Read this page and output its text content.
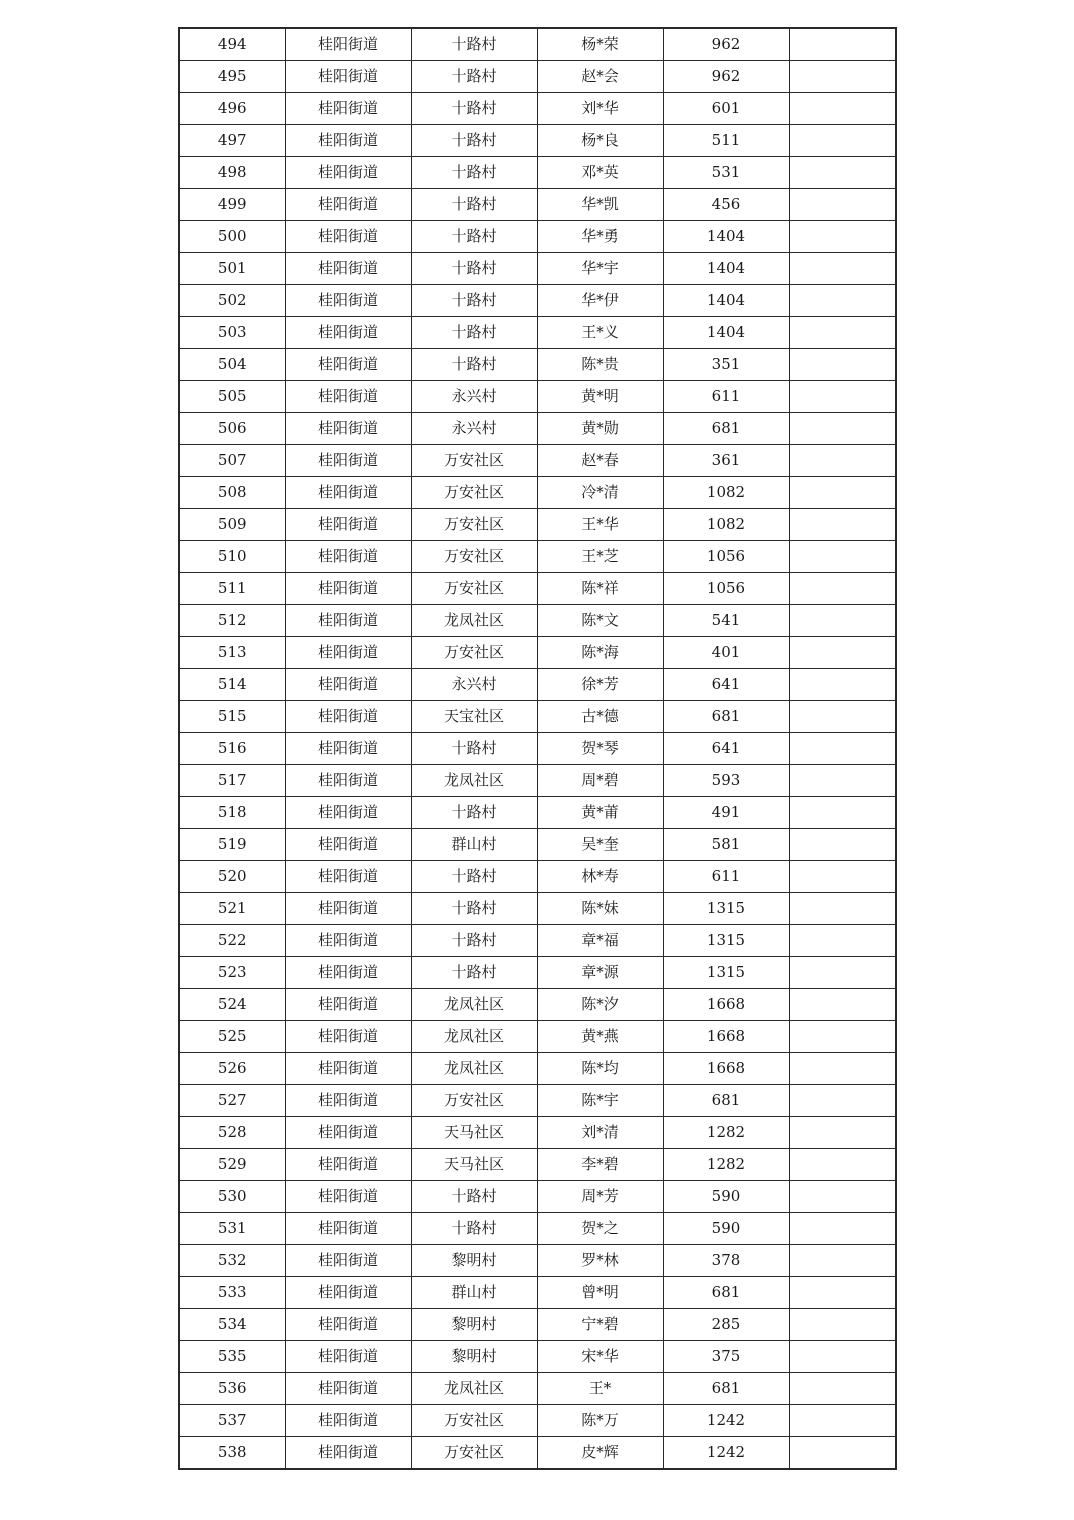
494	桂阳街道	十路村	杨*荣	962	
495	桂阳街道	十路村	赵*会	962	
496	桂阳街道	十路村	刘*华	601	
497	桂阳街道	十路村	杨*良	511	
498	桂阳街道	十路村	邓*英	531	
499	桂阳街道	十路村	华*凯	456	
500	桂阳街道	十路村	华*勇	1404	
501	桂阳街道	十路村	华*宇	1404	
502	桂阳街道	十路村	华*伊	1404	
503	桂阳街道	十路村	王*义	1404	
504	桂阳街道	十路村	陈*贵	351	
505	桂阳街道	永兴村	黄*明	611	
506	桂阳街道	永兴村	黄*勋	681	
507	桂阳街道	万安社区	赵*春	361	
508	桂阳街道	万安社区	冷*清	1082	
509	桂阳街道	万安社区	王*华	1082	
510	桂阳街道	万安社区	王*芝	1056	
511	桂阳街道	万安社区	陈*祥	1056	
512	桂阳街道	龙凤社区	陈*文	541	
513	桂阳街道	万安社区	陈*海	401	
514	桂阳街道	永兴村	徐*芳	641	
515	桂阳街道	天宝社区	古*德	681	
516	桂阳街道	十路村	贺*琴	641	
517	桂阳街道	龙凤社区	周*碧	593	
518	桂阳街道	十路村	黄*莆	491	
519	桂阳街道	群山村	吴*奎	581	
520	桂阳街道	十路村	林*寿	611	
521	桂阳街道	十路村	陈*妹	1315	
522	桂阳街道	十路村	章*福	1315	
523	桂阳街道	十路村	章*源	1315	
524	桂阳街道	龙凤社区	陈*汐	1668	
525	桂阳街道	龙凤社区	黄*燕	1668	
526	桂阳街道	龙凤社区	陈*均	1668	
527	桂阳街道	万安社区	陈*宇	681	
528	桂阳街道	天马社区	刘*清	1282	
529	桂阳街道	天马社区	李*碧	1282	
530	桂阳街道	十路村	周*芳	590	
531	桂阳街道	十路村	贺*之	590	
532	桂阳街道	黎明村	罗*林	378	
533	桂阳街道	群山村	曾*明	681	
534	桂阳街道	黎明村	宁*碧	285	
535	桂阳街道	黎明村	宋*华	375	
536	桂阳街道	龙凤社区	王*	681	
537	桂阳街道	万安社区	陈*万	1242	
538	桂阳街道	万安社区	皮*辉	1242	
